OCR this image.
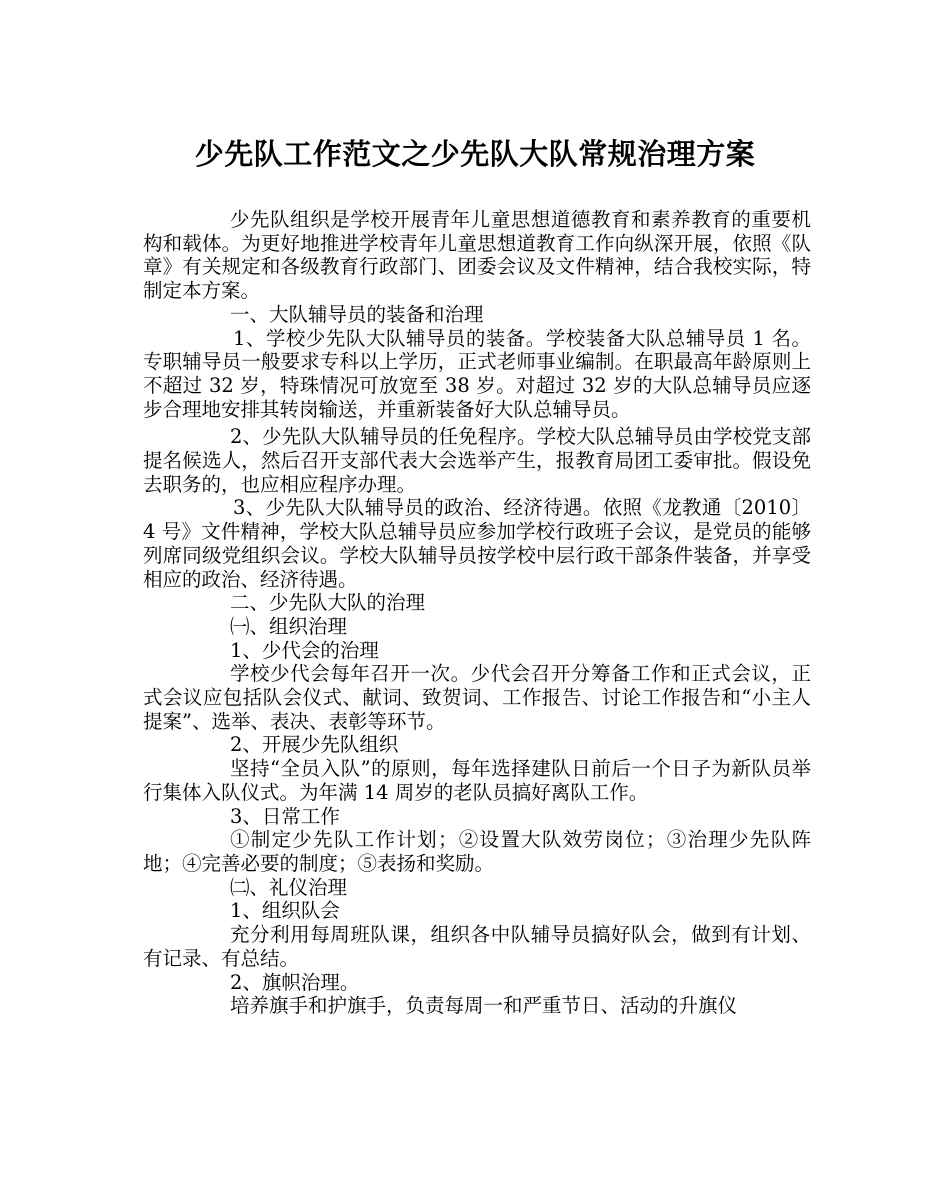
少先队工作范文之少先队大队常规治理方案

少先队组织是学校开展青年儿童思想道德教育和素养教育的重要机构和载体。为更好地推进学校青年儿童思想道教育工作向纵深开展，依照《队章》有关规定和各级教育行政部门、团委会议及文件精神，结合我校实际，特制定本方案。

一、大队辅导员的装备和治理

1、学校少先队大队辅导员的装备。学校装备大队总辅导员 1 名。专职辅导员一般要求专科以上学历，正式老师事业编制。在职最高年龄原则上不超过 32 岁，特珠情况可放宽至 38 岁。对超过 32 岁的大队总辅导员应逐步合理地安排其转岗输送，并重新装备好大队总辅导员。

2、少先队大队辅导员的任免程序。学校大队总辅导员由学校党支部提名候选人，然后召开支部代表大会选举产生，报教育局团工委审批。假设免去职务的，也应相应程序办理。

3、少先队大队辅导员的政治、经济待遇。依照《龙教通〔2010〕4 号》文件精神，学校大队总辅导员应参加学校行政班子会议，是党员的能够列席同级党组织会议。学校大队辅导员按学校中层行政干部条件装备，并享受相应的政治、经济待遇。

二、少先队大队的治理

㈠、组织治理

1、少代会的治理

学校少代会每年召开一次。少代会召开分筹备工作和正式会议，正式会议应包括队会仪式、献词、致贺词、工作报告、讨论工作报告和“小主人提案”、选举、表决、表彰等环节。

2、开展少先队组织

坚持“全员入队”的原则，每年选择建队日前后一个日子为新队员举行集体入队仪式。为年满 14 周岁的老队员搞好离队工作。

3、日常工作

①制定少先队工作计划；②设置大队效劳岗位；③治理少先队阵地；④完善必要的制度；⑤表扬和奖励。

㈡、礼仪治理

1、组织队会

充分利用每周班队课，组织各中队辅导员搞好队会，做到有计划、有记录、有总结。

2、旗帜治理。

培养旗手和护旗手，负责每周一和严重节日、活动的升旗仪
